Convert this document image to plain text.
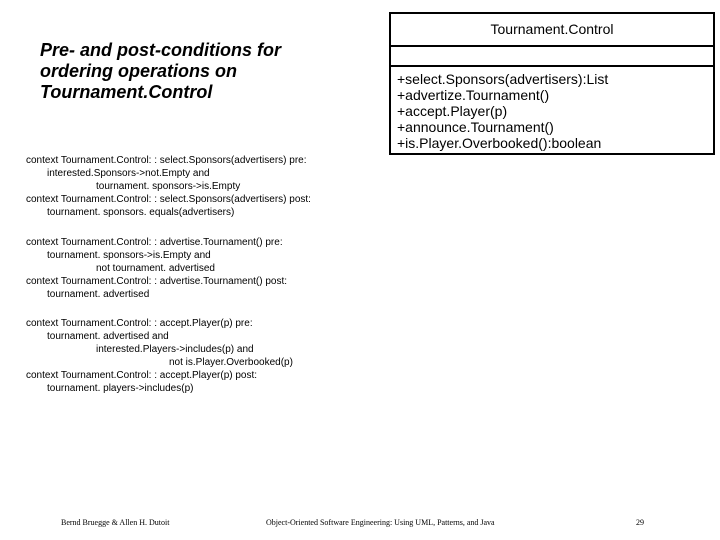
Pre- and post-conditions for
ordering operations on
Tournament.Control
Tournament.Control
+select.Sponsors(advertisers):List
+advertize.Tournament()
+accept.Player(p)
+announce.Tournament()
+is.Player.Overbooked():boolean
context Tournament.Control: : select.Sponsors(advertisers) pre:
interested.Sponsors->not.Empty and
tournament. sponsors->is.Empty
context Tournament.Control: : select.Sponsors(advertisers) post:
tournament. sponsors. equals(advertisers)
context Tournament.Control: : advertise.Tournament() pre:
tournament. sponsors->is.Empty and
not tournament. advertised
context Tournament.Control: : advertise.Tournament() post:
tournament. advertised
context Tournament.Control: : accept.Player(p) pre:
tournament. advertised and
interested.Players->includes(p) and
not is.Player.Overbooked(p)
context Tournament.Control: : accept.Player(p) post:
tournament. players->includes(p)
Bernd Bruegge & Allen H. Dutoit	Object-Oriented Software Engineering: Using UML, Patterns, and Java	29
